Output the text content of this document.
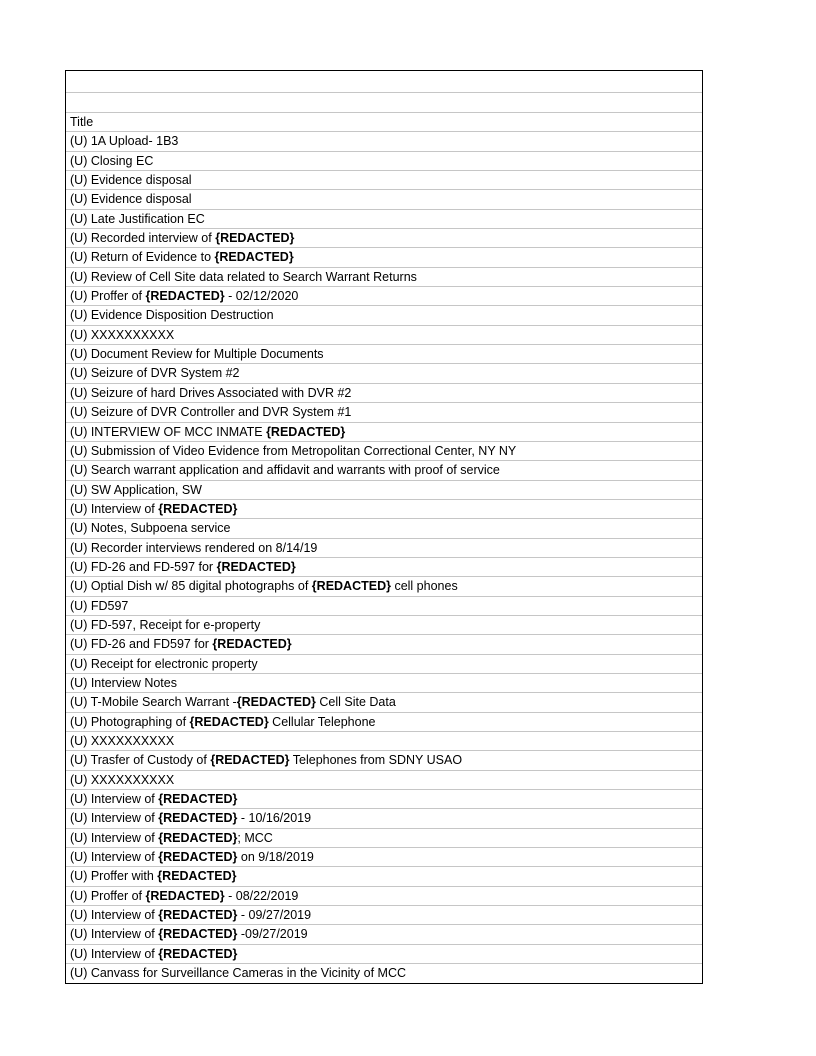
Title
(U) 1A Upload- 1B3
(U) Closing EC
(U) Evidence disposal
(U) Evidence disposal
(U) Late Justification EC
(U) Recorded interview of {REDACTED}
(U) Return of Evidence to {REDACTED}
(U) Review of Cell Site data related to Search Warrant Returns
(U) Proffer of {REDACTED} - 02/12/2020
(U) Evidence Disposition Destruction
(U) XXXXXXXXXX
(U) Document Review for Multiple Documents
(U) Seizure of DVR System #2
(U) Seizure of hard Drives Associated with DVR #2
(U) Seizure of DVR Controller and DVR System #1
(U) INTERVIEW OF MCC INMATE {REDACTED}
(U) Submission of Video Evidence from Metropolitan Correctional Center, NY NY
(U) Search warrant application and affidavit and warrants with proof of service
(U) SW Application, SW
(U) Interview of {REDACTED}
(U) Notes, Subpoena service
(U) Recorder interviews rendered on 8/14/19
(U) FD-26 and FD-597 for {REDACTED}
(U) Optial Dish w/ 85 digital photographs of {REDACTED} cell phones
(U) FD597
(U) FD-597, Receipt for e-property
(U) FD-26 and FD597 for {REDACTED}
(U) Receipt for electronic property
(U) Interview Notes
(U) T-Mobile Search Warrant -{REDACTED} Cell Site Data
(U) Photographing of {REDACTED} Cellular Telephone
(U) XXXXXXXXXX
(U) Trasfer of Custody of {REDACTED} Telephones from SDNY USAO
(U) XXXXXXXXXX
(U) Interview of {REDACTED}
(U) Interview of {REDACTED} - 10/16/2019
(U) Interview of {REDACTED}; MCC
(U) Interview of {REDACTED} on 9/18/2019
(U) Proffer with {REDACTED}
(U) Proffer of {REDACTED} - 08/22/2019
(U) Interview of {REDACTED} - 09/27/2019
(U) Interview of {REDACTED} -09/27/2019
(U) Interview of {REDACTED}
(U) Canvass for Surveillance Cameras in the Vicinity of MCC
